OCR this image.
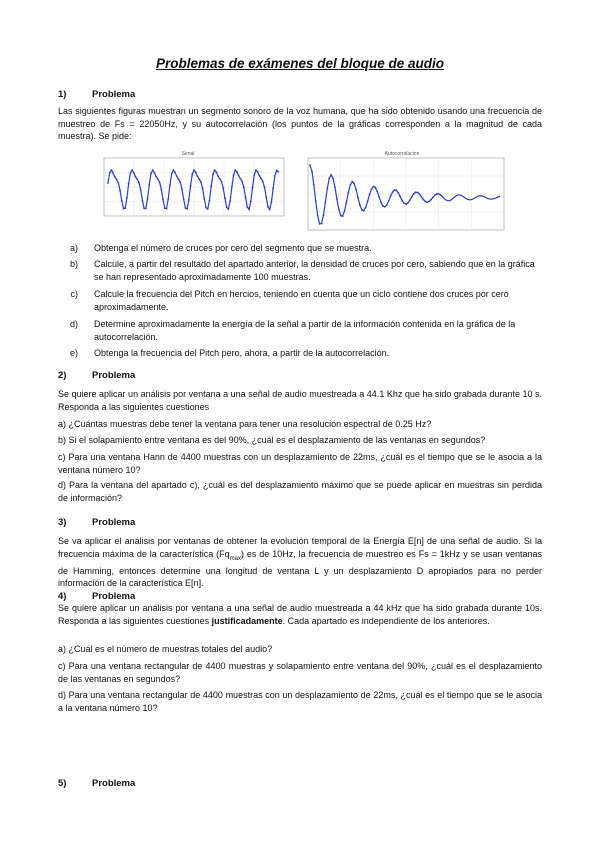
Problemas de exámenes del bloque de audio
1)	Problema
Las siguientes figuras muestran un segmento sonoro de la voz humana, que ha sido obtenido usando una frecuencia de muestreo de Fs = 22050Hz, y su autocorrelación (los puntos de la gráficas corresponden a la magnitud de cada muestra). Se pide:
Senal	Autocorrelacion
a) Obtenga el número de cruces por cero del segmento que se muestra.
b) Calcule, a partir del resultado del apartado anterior, la densidad de cruces por cero, sabiendo que en la gráfica se han representado aproximadamente 100 muestras.
c) Calcule la frecuencia del Pitch en hercios, teniendo en cuenta que un ciclo contiene dos cruces por cero aproximadamente.
d) Determine aproximadamente la energía de la señal a partir de la información contenida en la gráfica de la autocorrelación.
e) Obtenga la frecuencia del Pitch pero, ahora, a partir de la autocorrelación.
2)	Problema
Se quiere aplicar un análisis por ventana a una señal de audio muestreada a 44.1 Khz que ha sido grabada durante 10 s. Responda a las siguientes cuestiones
a) ¿Cuántas muestras debe tener la ventana para tener una resolución espectral de 0.25 Hz?
b) Si el solapamiento entre ventana es del 90%, ¿cuál es el desplazamiento de las ventanas en segundos?
c) Para una ventana Hann de 4400 muestras con un desplazamiento de 22ms, ¿cuál es el tiempo que se le asocia a la ventana número 10?
d) Para la ventana del apartado c), ¿cuál es del desplazamiento máximo que se puede aplicar en muestras sin perdida de información?
3)	Problema
Se va aplicar el análisis por ventanas de obtener la evolución temporal de la Energía E[n] de una señal de audio. Si la frecuencia máxima de la característica $(Fq_{max})$ es de 10Hz, la frecuencia de muestreo es Fs = 1kHz y se usan ventanas de Hamming, entonces determine una longitud de ventana L y un desplazamiento D apropiados para no perder información de la característica E[n].
4)	Problema
Se quiere aplicar un análisis por ventana a una señal de audio muestreada a 44 kHz que ha sido grabada durante 10s. Responda a las siguientes cuestiones justificadamente. Cada apartado es independiente de los anteriores.
a) ¿Cuál es el número de muestras totales del audio?
c) Para una ventana rectangular de 4400 muestras y solapamiento entre ventana del 90%, ¿cuál es el desplazamiento de las ventanas en segundos?
d) Para una ventana rectangular de 4400 muestras con un desplazamiento de 22ms, ¿cuál es el tiempo que se le asocia a la ventana número 10?
5)	Problema
